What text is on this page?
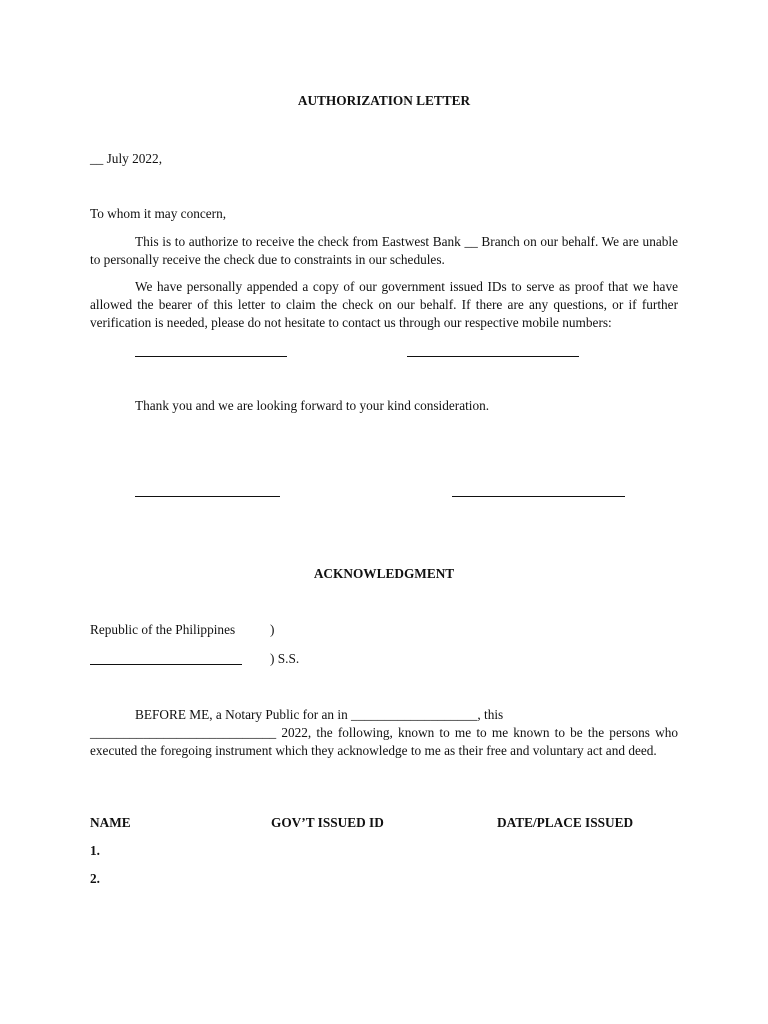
AUTHORIZATION LETTER
__ July 2022,
To whom it may concern,
This is to authorize to receive the check from Eastwest Bank __ Branch on our behalf. We are unable to personally receive the check due to constraints in our schedules.
We have personally appended a copy of our government issued IDs to serve as proof that we have allowed the bearer of this letter to claim the check on our behalf. If there are any questions, or if further verification is needed, please do not hesitate to contact us through our respective mobile numbers:
Thank you and we are looking forward to your kind consideration.
ACKNOWLEDGMENT
Republic of the Philippines	)
) S.S.
BEFORE ME, a Notary Public for an in ___________________, this
____________________________ 2022, the following, known to me to me known to be the persons who executed the foregoing instrument which they acknowledge to me as their free and voluntary act and deed.
NAME	GOV’T ISSUED ID	DATE/PLACE ISSUED
1.
2.
